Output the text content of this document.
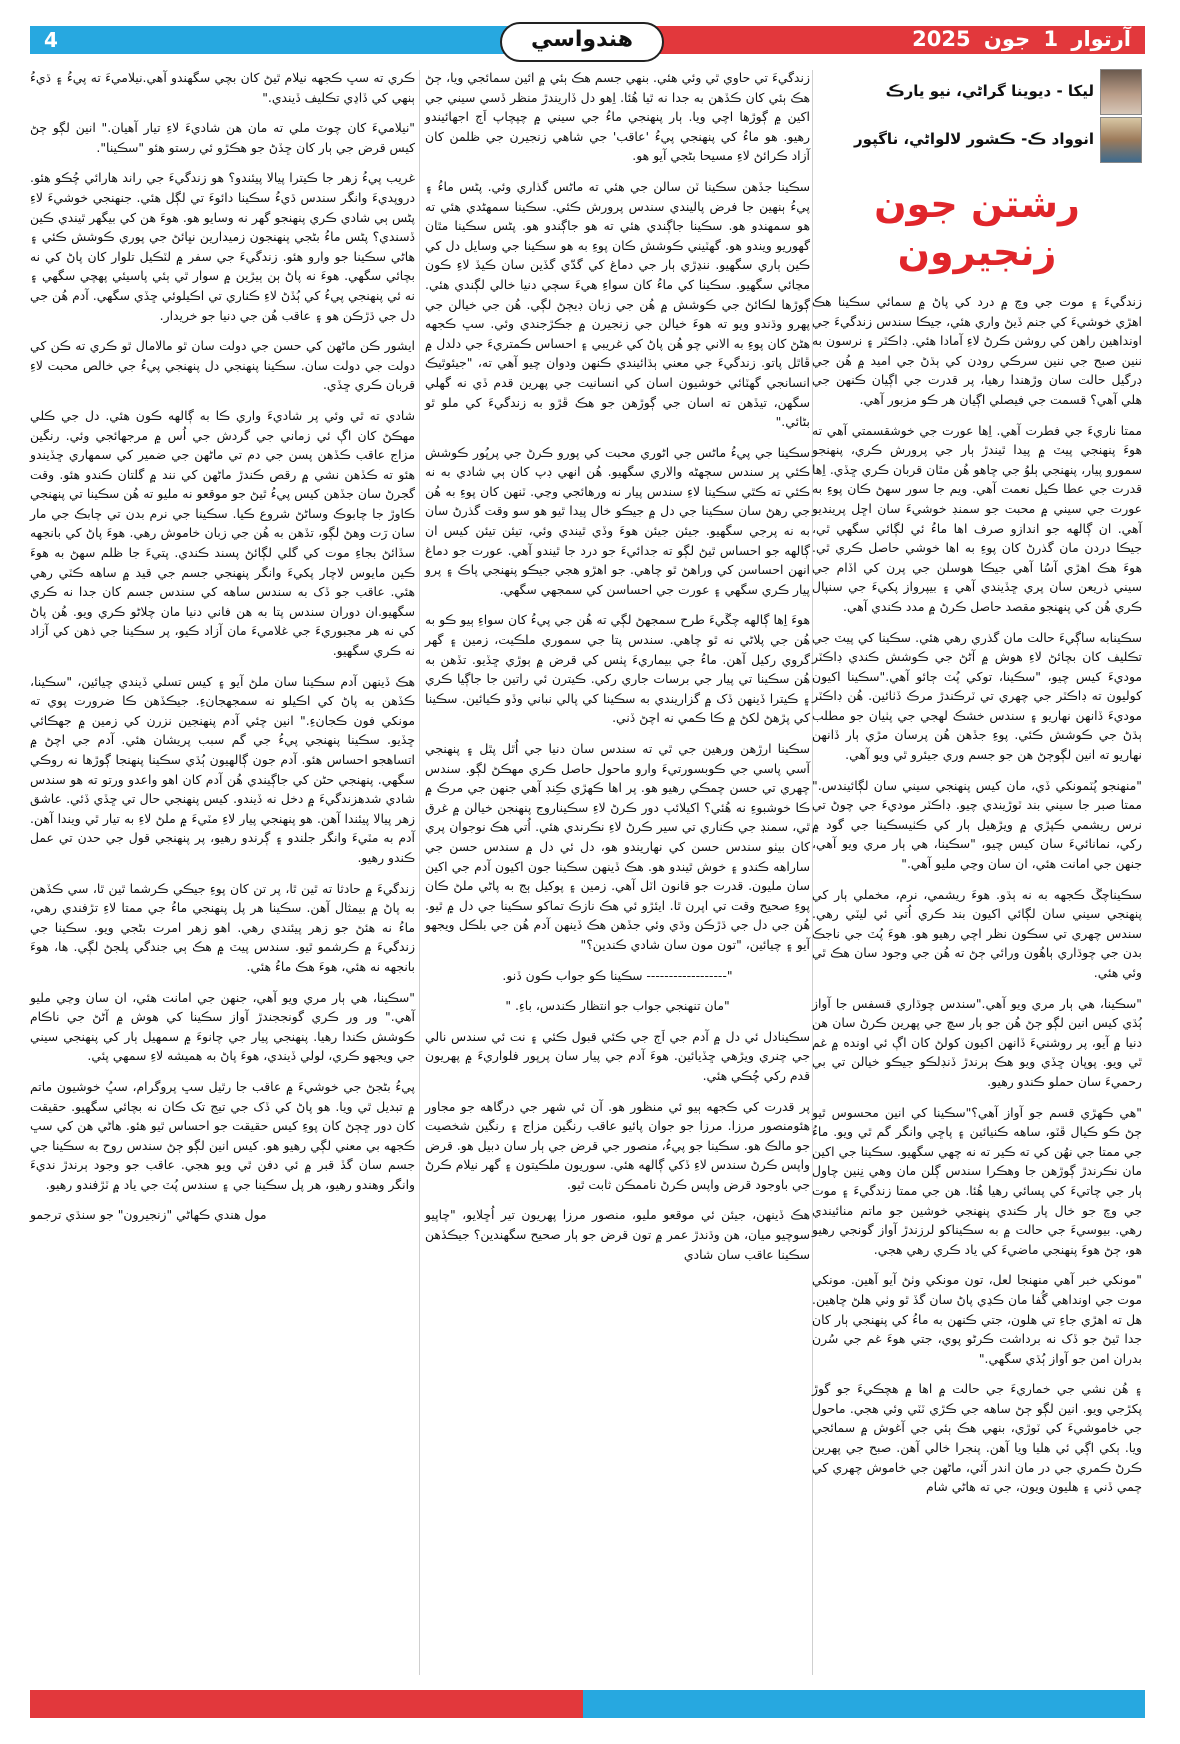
4	آرتوار 1 جون 2025
هندواسي
ليکا - ديوينا گراڻي، نيو يارڪ
انوواد ڪ- ڪشور لالواڻي، ناگپور
رشتن جون زنجيرون

زندگيءَ ۽ موت جي وچ ۾ درد کي پاڻ ۾ سمائي سڪينا هڪ اهڙي خوشيءَ کي جنم ڏيڻ واري هئي، جيڪا سندس زندگيءَ جي اونداهين راهن کي روشن ڪرڻ لاءِ آمادا هئي. ڊاڪٽر ۽ نرسون به ننين صبح جي ننين سرڪي رودن کي ٻڌڻ جي اميد ۾ هُن جي ڊرگيل حالت سان وڙهندا رهيا، پر قدرت جي اڳيان ڪنهن جي هلي آهي؟ قسمت جي فيصلي اڳيان هر ڪو مزبور آهي.

ممتا ناريءَ جي فطرت آهي. اِها عورت جي خوشقسمتي آهي ته هوءَ پنهنجي پيٽ ۾ پيدا ٿيندڙ ٻار جي پرورش ڪري، پنهنجو سمورو پيار، پنهنجي ٻلوُ جي چاهو هُن مٿان قربان ڪري ڇڏي. اِها قدرت جي عطا ڪيل نعمت آهي. ويم جا سور سهڻ ڪان پوءِ به عورت جي سيني ۾ محبت جو سمنڊ خوشيءَ سان اڇل پرينديو آهي. ان ڳالهه جو اندازو صرف اها ماءُ ئي لڳائي سگهي ٿي، جيڪا دردن مان گذرڻ کان پوءِ به اها خوشي حاصل ڪري ٿي. هوءَ هڪ اهڙي آسُا آهي جيڪا هوسلن جي پرن کي اڏام جي سيني ذريعن سان پري ڇڏيندي آهي ۽ بيپرواز پکيءَ جي سنپال ڪري هُن کي پنهنجو مقصد حاصل ڪرڻ ۾ مدد ڪندي آهي.

سڪينابه ساڳيءَ حالت مان گذري رهي هئي. سڪينا کي پيٽ جي تڪليف کان بچائڻ لاءِ هوش ۾ آڻڻ جي ڪوشش ڪندي ڊاڪٽر موديءَ کيس چيو، "سڪينا، توکي پُٽ ڄائو آهي."سڪينا اکيون کوليون ته ڊاڪٽر جي چهري تي ٽرڪندڙ مرڪ ڏٺائين. هُن ڊاڪٽر موديءَ ڏانهن نهاريو ۽ سندس خشڪ لهجي جي پٺيان جو مطلب ٻڌڻ جي ڪوشش ڪئي. پوءِ جڏهن هُن پرسان مڙي ٻار ڏانهن نهاريو ته انين لڳوڄڻ هن جو جسم وري جيئرو ٿي ويو آهي.

"منهنجو پُٽمونکي ڏي، مان کيس پنهنجي سيني سان لڳائيندس." ممتا صبر جا سيني بند ٽوڙيندي چيو. ڊاڪٽر موديءَ جي چوڻ تي نرس ريشمي ڪپڙي ۾ ويڙهيل ٻار کي ڪٺيسڪينا جي گود ۾ رکي، نمانائيءَ سان کيس چيو، "سڪينا، هي ٻار مري ويو آهي، جنهن جي امانت هئي، ان سان وڃي مليو آهي."

سڪيناچڱ ڪجهه به نه ٻڌو. هوءَ ريشمي، نرم، مخملي ٻار کي پنهنجي سيني سان لڳائي اکيون بند ڪري اُتي ئي ليٽي رهي. سندس چهري تي سڪون نظر اچي رهيو هو. هوءَ پُٽ جي ناجڪ بدن جي چوڌاري ٻاهُون ورائي ڄڻ ته هُن جي وجود سان هڪ ٿي وئي هئي.

"سڪينا، هي ٻار مري ويو آهي."سندس چوڌاري قسفس جا آواز ٻُڌي کيس انين لڳو ڄڻ هُن جو ٻار سچ جي پهرين ڪرڻ سان هن دنيا ۾ آيو، پر روشنيءَ ڏانهن اکيون کولڻ کان اڳ ئي اونده ۾ غم ٿي ويو. پوپان ڇڏي ويو هڪ ٻرندڙ ڏنڊلڪو جيڪو خيالن تي بي رحميءَ سان حملو ڪندو رهيو.

"هي ڪهڙي قسم جو آواز آهي؟"سڪينا کي انين محسوس ٿيو ڄڻ ڪو ڪيال ڦٽو، ساهه ڪنيائين ۽ پاڇي وانگر گم ٿي ويو. ماءُ جي ممتا جي نهُن کي ته ڪير ته نه چهي سگهيو. سڪينا جي اکين مان نڪرندڙ ڳوڙهن جا وهڪرا سندس ڳلن مان وهي نِنين چاول ٻار جي چاتيءَ کي پسائي رهيا هُئا. هن جي ممتا زندگيءَ ۽ موت جي وچ جو خال پار ڪندي پنهنجي خوشين جو ماتم منائيندي رهي. بيوسيءَ جي حالت ۾ به سڪيناکو لرزندڙ آواز گونجي رهيو هو، ڄڻ هوءَ پنهنجي ماضيءَ کي ياد ڪري رهي هجي.

"مونکي خبر آهي منهنجا لعل، تون مونکي وٺڻ آيو آهين. مونکي موت جي اونداهي گُفا مان ڪڍي پاڻ سان گڏ ٿو وٺي هلڻ چاهين. هل ته اهڙي جاءِ تي هلون، جتي ڪنهن به ماءُ کي پنهنجي ٻار کان جدا ٿيڻ جو ڏک نه برداشت ڪرڻو پوي، جتي هوءَ غم جي سُرن بدران امن جو آواز ٻُڌي سگهي."

۽ هُن نشي جي خماريءَ جي حالت ۾ اها ۾ هچڪيءَ جو گوڙ پکڙجي ويو. انين لڳو ڄڻ ساهه جي ڪڙي ٽٽي وئي هجي. ماحول جي خاموشيءَ کي ٽوڙي، بنهي هڪ ٻئي جي آغوش ۾ سمائجي ويا. ٻکي اڳي ئي هليا ويا آهن. پنجرا خالي آهن. صبح جي پهرين ڪرڻ ڪمري جي در مان اندر آئي، ماڻهن جي خاموش چهري کي چمي ڏني ۽ هليون ويون، جي ته هاڻي شام

زندگيءَ تي حاوي ٿي وئي هئي. بنهي جسم هڪ ٻئي ۾ ائين سمائجي ويا، ڄڻ هڪ ٻئي کان ڪڏهن به جدا نه ٿيا هُئا. اِهو دل ڏاريندڙ منظر ڏسي سيني جي اکين ۾ ڳوڙها اچي ويا. ٻار پنهنجي ماءُ جي سيني ۾ چپچاپ اَڄ اجهائيندو رهيو. هو ماءُ کي پنهنجي پيءُ 'عاقب' جي شاهي زنجيرن جي ظلمن کان آزاد ڪرائڻ لاءِ مسيحا بڻجي آيو هو.

سڪينا جڏهن سڪينا ٽن سالن جي هئي ته ماڻس گذاري وئي. پڻس ماءُ ۽ پيءُ ٻنهين جا فرض پاليندي سندس پرورش ڪئي. سڪينا سمهڻدي هئي ته هو سمهندو هو. سڪينا جاڳندي هئي ته هو جاڳندو هو. پڻس سڪينا مٿان گهوريو ويندو هو. گهٽيني ڪوشش ڪان پوءِ به هو سڪينا جي وسايل دل کي ڪين ٻاري سگهيو. ننڍڙي ٻار جي دماغ کي گدّي گڏين سان ڪيڏ لاءِ ڪون مڃائي سگهيو. سڪينا کي ماءُ کان سواءِ هيءَ سڄي دنيا خالي لڳندي هئي. ڳوڙها لڪائڻ جي ڪوشش ۾ هُن جي زبان ڊيڄڻ لڳي. هُن جي خيالن جي پهرو وڌندو ويو ته هوءَ خيالن جي زنجيرن ۾ جڪڙجندي وئي. سڀ ڪجهه هڻڻ کان پوءِ به الاني چو هُن پاڻ کي غريبي ۽ احساس ڪمتريءَ جي دلدل ۾ ڦاٿل پاتو. زندگيءَ جي معني ٻڌائيندي ڪنهن ودوان چيو آهي ته، "جيئوٿيڪ انسانجي گهٽائي خوشيون اسان کي انسانيت جي پهرين قدم ڏي نه گهلي سگهن، تيڏهن ته اسان جي ڳوڙهن جو هڪ ڦڙو به زندگيءَ کي ملو ٿو بڻائي."

سڪينا جي پيءُ ماڻس جي اڻوري محبت کي پورو ڪرڻ جي پرپُور ڪوشش ڪئي پر سندس سڄهڻه والاري سگهيو. هُن انهي ڊپ کان ٻي شادي به نه ڪئي ته ڪٿي سڪينا لاءِ سندس پيار نه ورهائجي وڃي. ٽنهن کان پوءِ به هُن جي رهڻ سان سڪينا جي دل ۾ جيڪو خال پيدا ٿيو هو سو وقت گذرڻ سان به نه پرجي سگهيو. جيئن جيئن هوءَ وڏي ٿيندي وئي، تيئن تيئن کيس ان ڳالهه جو احساس ٿيڻ لڳو ته جدائيءَ جو درد جا ٿيندو آهي. عورت جو دماغ انهن احساسن کي وراهڻ ٿو چاهي. جو اهڙو هجي جيڪو پنهنجي پاڪ ۽ پرو پيار ڪري سگهي ۽ عورت جي احساسن کي سمجهي سگهي.

هوءَ اِها ڳالهه چڱيءَ طرح سمجهڻ لڳي ته هُن جي پيءُ کان سواءِ ٻيو ڪو به هُن جي پلاڻي نه ٿو چاهي. سندس پتا جي سموري ملڪيت، زمين ۽ گهر گروي رکيل آهن. ماءُ جي بيماريءَ پٺس کي قرض ۾ ٻوڙي ڇڏيو. تڏهن به هُن سڪينا تي پيار جي برسات جاري رکي. ڪيترن ئي راتين جا جاڳيا ڪري ۽ ڪيترا ڏينهن ڏک ۾ گزاريندي به سڪينا کي پالي نباني وڏو ڪيائين. سڪينا کي پڙهڻ لکڻ ۾ ڪا ڪمي نه اچڻ ڏني.

سڪينا ارڙهن ورهين جي ٿي ته سندس سان دنيا جي اُٿل پٿل ۽ پنهنجي آسي پاسي جي ڪوبسورتيءَ وارو ماحول حاصل ڪري مهڪڻ لڳو. سندس چهري تي حسن چمڪي رهيو هو. پر اها ڪهڙي ڪِنڊ آهي جنهن جي مرڪ ۾ ڪا خوشبوءِ نه هُئي؟ اکيلائپ دور ڪرڻ لاءِ سڪيناروج پنهنجن خيالن ۾ غرق ٿي، سمنڊ جي ڪناري تي سير ڪرڻ لاءِ نڪرندي هئي. اُتي هڪ نوجوان پري کان بيٺو سندس حسن کي نهاريندو هو، دل ئي دل ۾ سندس حسن جي ساراهه ڪندو ۽ خوش ٿيندو هو. هڪ ڏينهن سڪينا جون اکيون آدم جي اکين سان مليون. قدرت جو قانون اٽل آهي. زمين ۽ پوکيل ٻج به پاڻي ملڻ ڪان پوءِ صحيح وقت تي اپرن ٿا. ايئڙو ئي هڪ نازڪ تماکو سڪينا جي دل ۾ ٿيو. هُن جي دل جي ڌڙڪن وڌي وئي جڏهن هڪ ڏينهن آدم هُن جي بلڪل ويجهو آيو ۽ چيائين، "تون مون سان شادي ڪندين؟"

"------------------ سڪينا ڪو جواب ڪون ڏنو.

"مان تنهنجي جواب جو انتظار ڪندس، باءِ. "

سڪينادل ئي دل ۾ آدم جي اَڄ جي ڪئي قبول ڪئي ۽ نت ئي سندس نالي جي چنري ويڙهي ڇڏيائين. هوءَ آدم جي پيار سان پرپور فلواريءَ ۾ پهريون قدم رکي چُڪي هئي.

پر قدرت کي ڪجهه ٻيو ئي منظور هو. آن ئي شهر جي درگاهه جو مجاور هئومنصور مرزا. مرزا جو جوان پائيو عاقب رنگين مزاج ۽ رنگين شخصيت جو مالڪ هو. سڪينا جو پيءُ، منصور جي قرض جي ٻار سان دبيل هو. قرض واپس ڪرڻ سندس لاءِ ڏکي ڳالهه هئي. سوريون ملڪيتون ۽ گهر نيلام ڪرڻ جي باوجود قرض واپس ڪرڻ ناممڪن ثابت ٿيو.

هڪ ڏينهن، جيئن ئي موقعو مليو، منصور مرزا پهريون تير اُڇلايو، "چاپيو سوچيو ميان، هن وڌندڙ عمر ۾ تون قرض جو ٻار صحيح سگهندين؟ جيڪڏهن سڪينا عاقب سان شادي

ڪري ته سڀ ڪجهه نيلام ٿيڻ کان بچي سگهندو آهي.نيلاميءَ ته پيءُ ۽ ڌيءُ ٻنهي کي ڏاڍي تڪليف ڏيندي."

"نيلاميءَ کان چوٽ ملي ته مان هن شاديءَ لاءِ تيار آهيان." انين لڳو ڄڻ کيس قرض جي ٻار کان ڇڏڻ جو هڪڙو ئي رستو هئو "سڪينا".

غريب پيءُ زهر جا ڪيترا پيالا پيئندو؟ هو زندگيءَ جي راند هارائي چُڪو هئو. دروپديءَ وانگر سندس ڌيءُ سڪينا دائوءَ تي لڳل هئي. جنهنجي خوشيءَ لاءِ پڻس ٻي شادي ڪري پنهنجو گهر نه وسايو هو. هوءَ هن کي بيگهر ٿيندي ڪين ڏسندي؟ پڻس ماءُ بڻجي پنهنجون زميدارين نڀائڻ جي پوري ڪوشش ڪئي ۽ هاڻي سڪينا جو وارو هئو. زندگيءَ جي سفر ۾ لٽڪيل تلوار کان پاڻ کي نه بچائي سگهي. هوءَ نه پاڻ ٻن ٻيڙين ۾ سوار ٿي ٻئي پاسيئي پهچي سگهي ۽ نه ئي پنهنجي پيءُ کي ٻُڏڻ لاءِ ڪناري تي اڪيلوئي ڇڏي سگهي. آدم هُن جي دل جي ڌڙڪن هو ۽ عاقب هُن جي دنيا جو خريدار.

ايشور ڪن ماڻهن کي حسن جي دولت سان ٿو مالامال ٿو ڪري ته ڪن کي دولت جي دولت سان. سڪينا پنهنجي دل پنهنجي پيءُ جي خالص محبت لاءِ قربان ڪري ڇڏي.

شادي ته ٿي وئي پر شاديءَ واري ڪا به ڳالهه ڪون هئي. دل جي ڪلي مهڪڻ کان اڳ ئي زماني جي گردش جي اُس ۾ مرجهائجي وئي. رنگين مزاج عاقب ڪڏهن پسن جي دم تي ماڻهن جي ضمير کي سمهاري ڇڏيندو هئو ته ڪڏهن نشي ۾ رقص ڪندڙ ماڻهن کي نند ۾ گلتان ڪندو هئو. وقت گجرڻ سان جڏهن کيس پيءُ ٿيڻ جو موقعو نه مليو ته هُن سڪينا تي پنهنجي ڪاوڙ جا چابوڪ وساڻڻ شروع ڪيا. سڪينا جي نرم بدن تي چابڪ جي مار سان رَت وهڻ لڳو، تڏهن به هُن جي زبان خاموش رهي. هوءَ پاڻ کي بانجهه سڏائڻ بجاءِ موت کي گلي لڳائڻ پسند ڪندي. پتيءَ جا ظلم سهڻ به هوءَ ڪين مايوس لاچار پکيءَ وانگر پنهنجي جسم جي قيد ۾ ساهه ڪٽي رهي هئي. عاقب جو ڏک به سندس ساهه کي سندس جسم کان جدا نه ڪري سگهيو.ان دوران سندس پتا به هن فاني دنيا مان چلاڻو ڪري ويو. هُن پاڻ کي نه هر مجبوريءَ جي غلاميءَ مان آزاد ڪيو، پر سڪينا جي ذهن کي آزاد نه ڪري سگهيو.

هڪ ڏينهن آدم سڪينا سان ملڻ آيو ۽ کيس تسلي ڏيندي چيائين، "سڪينا، ڪڏهن به پاڻ کي اڪيلو نه سمجهجانءِ. جيڪڏهن ڪا ضرورت پوي ته مونکي فون ڪجانءِ." انين چئي آدم پنهنجين نزرن کي زمين ۾ جهڪائي ڇڏيو. سڪينا پنهنجي پيءُ جي گم سبب پريشان هئي. آدم جي اچڻ ۾ اتساهجو احساس هئو. آدم جون ڳالهيون ٻُڌي سڪينا پنهنجا ڳوڙها نه روڪي سگهي. پنهنجي حڻن کي جاڳيندي هُن آدم کان اهو واعدو ورتو ته هو سندس شادي شدهزندگيءَ ۾ دخل نه ڏيندو. کيس پنهنجي حال تي ڇڏي ڏئي. عاشق زهر پيالا پيئندا آهن. هو پنهنجي پيار لاءِ مٽيءَ ۾ ملڻ لاءِ به تيار ٿي ويندا آهن. آدم به مٽيءَ وانگر جلندو ۽ ڳرندو رهيو، پر پنهنجي قول جي حدن تي عمل ڪندو رهيو.

زندگيءَ ۾ حادثا ته ٿين ٿا، پر تن کان پوءِ جيڪي ڪرشما ٿين ٿا، سي ڪڏهن به پاڻ ۾ بيمثال آهن. سڪينا هر پل پنهنجي ماءُ جي ممتا لاءِ تڙفندي رهي، ماءُ نه هئڻ جو زهر پيئندي رهي. اهو زهر امرت بڻجي ويو. سڪينا جي زندگيءَ ۾ ڪرشمو ٿيو. سندس پيٽ ۾ هڪ ٻي جندگي پلجڻ لڳي. ها، هوءَ بانجهه نه هئي، هوءَ هڪ ماءُ هئي.

"سڪينا، هي ٻار مري ويو آهي، جنهن جي امانت هئي، ان سان وڃي مليو آهي." ور ور ڪري گونججندڙ آواز سڪينا کي هوش ۾ آڻڻ جي ناڪام ڪوشش ڪندا رهيا. پنهنجي پيار جي چانوءَ ۾ سمهيل ٻار کي پنهنجي سيني جي ويجهو ڪري، لولي ڏيندي، هوءَ پاڻ به هميشه لاءِ سمهي پئي.

پيءُ بڻجڻ جي خوشيءَ ۾ عاقب جا رٿيل سڀ پروگرام، سڀُ خوشيون ماتم ۾ تبديل ٿي ويا. هو پاڻ کي ڏک جي تيج تک ڪان نه بچائي سگهيو. حقيقت کان دور ڇڄڻ کان پوءِ کيس حقيقت جو احساس ٿيو هئو. هاڻي هن کي سڀ ڪجهه بي معني لڳي رهيو هو. کيس انين لڳو ڄڻ سندس روح به سڪينا جي جسم سان گڏ قبر ۾ ئي دفن ٿي ويو هجي. عاقب جو وجود ٻرندڙ نديءَ وانگر وهندو رهيو، هر پل سڪينا جي ۽ سندس پُٽ جي ياد ۾ ٽڙفندو رهيو.

مول هندي ڪهاڻي "زنجيرون" جو سنڌي ترجمو
